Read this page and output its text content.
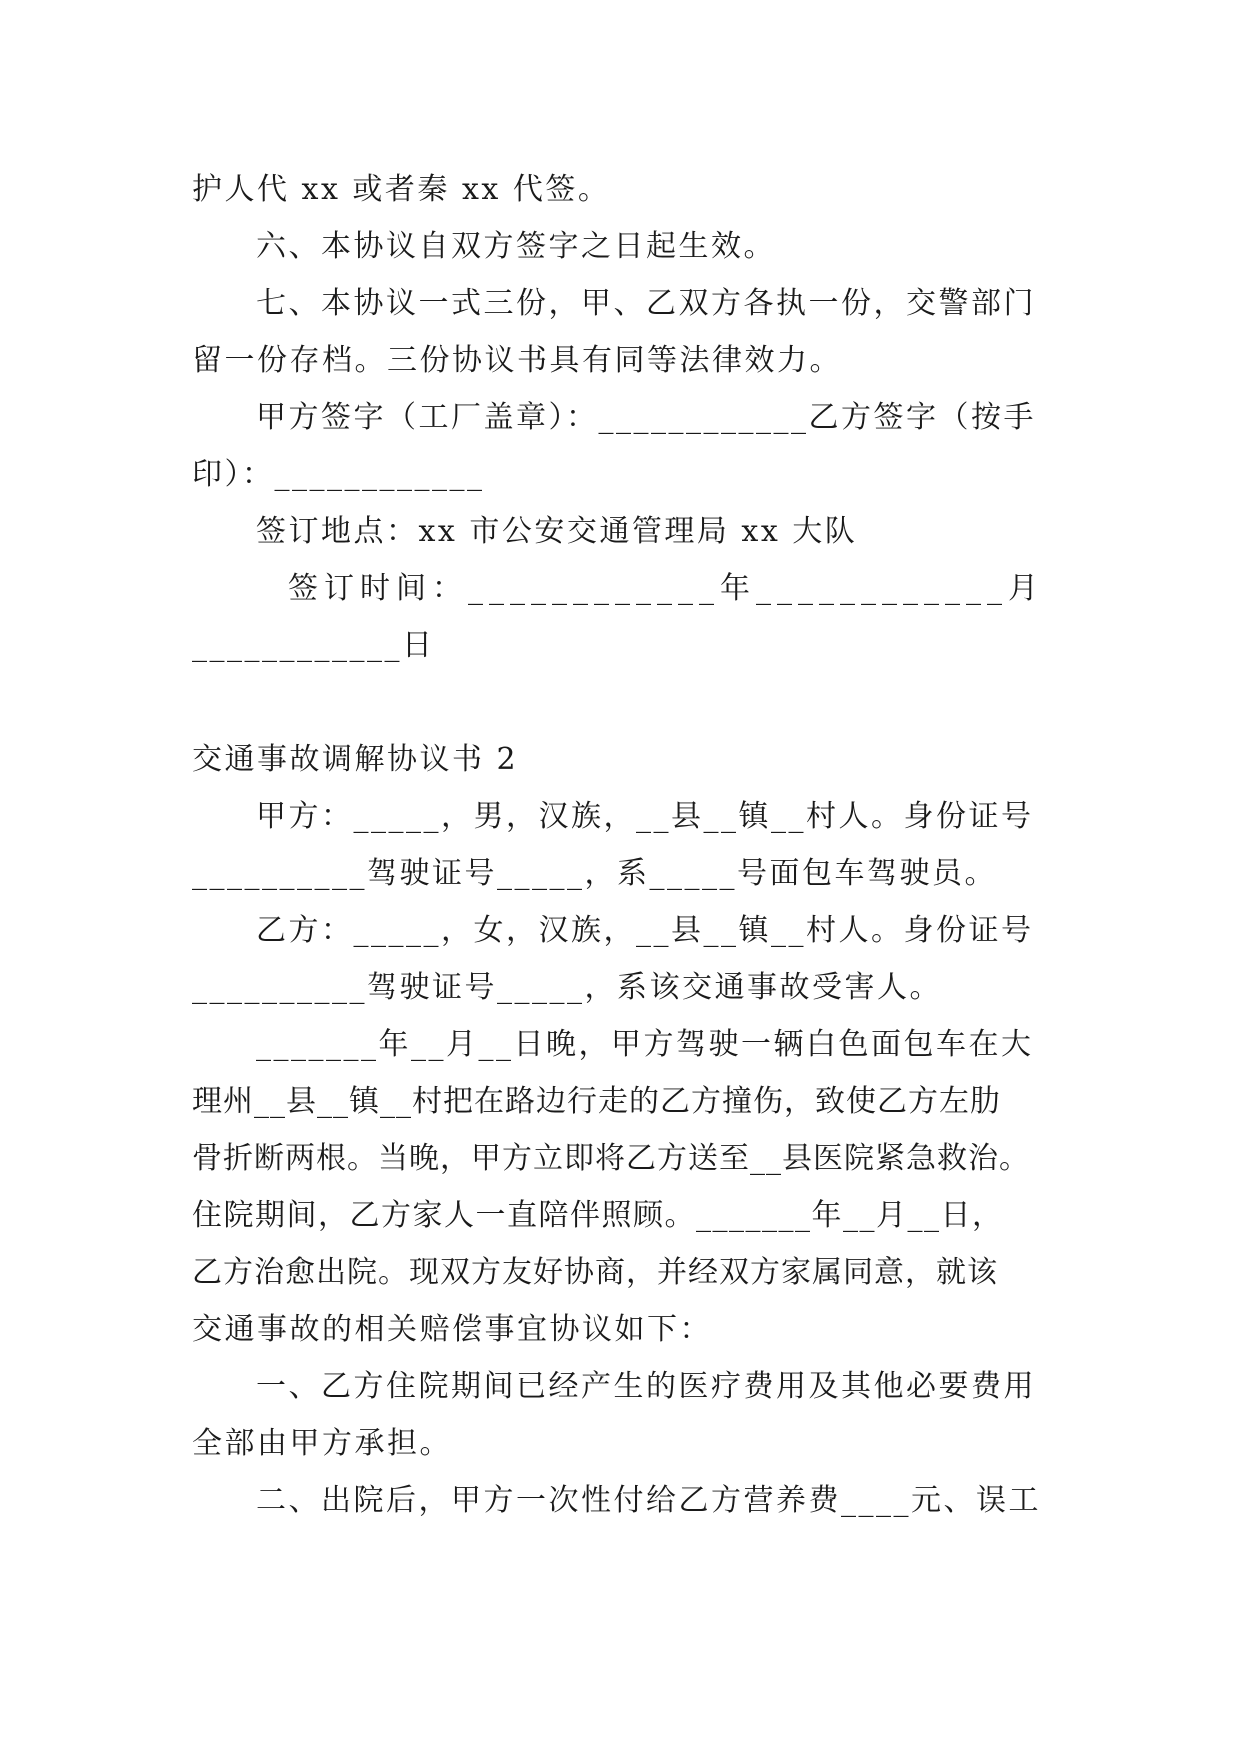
护人代 xx 或者秦 xx 代签。
六、本协议自双方签字之日起生效。
七、本协议一式三份，甲、乙双方各执一份，交警部门
留一份存档。三份协议书具有同等法律效力。
甲方签字（工厂盖章）：____________乙方签字（按手
印）：____________
签订地点：xx 市公安交通管理局 xx 大队
签订时间：____________年____________月
____________日
交通事故调解协议书 2
甲方：_____，男，汉族，__县__镇__村人。身份证号
__________驾驶证号_____，系_____号面包车驾驶员。
乙方：_____，女，汉族，__县__镇__村人。身份证号
__________驾驶证号_____，系该交通事故受害人。
_______年__月__日晚，甲方驾驶一辆白色面包车在大
理州__县__镇__村把在路边行走的乙方撞伤，致使乙方左肋
骨折断两根。当晚，甲方立即将乙方送至__县医院紧急救治。
住院期间，乙方家人一直陪伴照顾。_______年__月__日，
乙方治愈出院。现双方友好协商，并经双方家属同意，就该
交通事故的相关赔偿事宜协议如下：
一、乙方住院期间已经产生的医疗费用及其他必要费用
全部由甲方承担。
二、出院后，甲方一次性付给乙方营养费____元、误工
